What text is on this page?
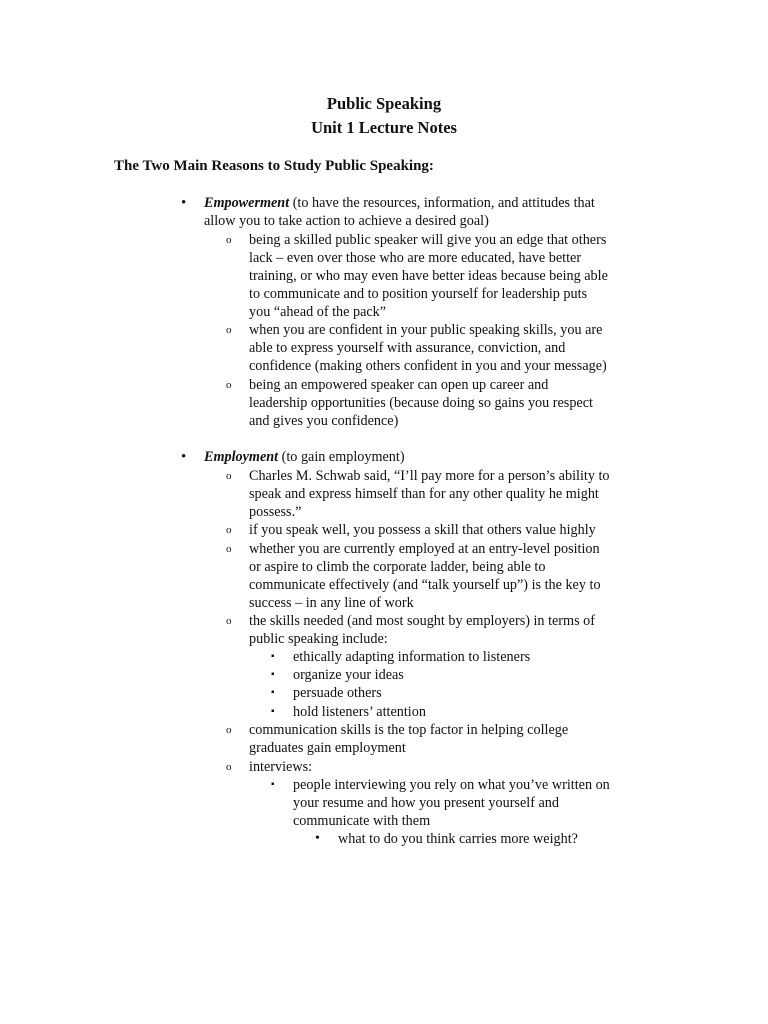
Public Speaking
Unit 1 Lecture Notes
The Two Main Reasons to Study Public Speaking:
• Empowerment (to have the resources, information, and attitudes that
allow you to take action to achieve a desired goal)
o being a skilled public speaker will give you an edge that others
lack – even over those who are more educated, have better
training, or who may even have better ideas because being able
to communicate and to position yourself for leadership puts
you “ahead of the pack”
o when you are confident in your public speaking skills, you are
able to express yourself with assurance, conviction, and
confidence (making others confident in you and your message)
o being an empowered speaker can open up career and
leadership opportunities (because doing so gains you respect
and gives you confidence)
• Employment (to gain employment)
o Charles M. Schwab said, “I’ll pay more for a person’s ability to
speak and express himself than for any other quality he might
possess.”
o if you speak well, you possess a skill that others value highly
o whether you are currently employed at an entry-level position
or aspire to climb the corporate ladder, being able to
communicate effectively (and “talk yourself up”) is the key to
success – in any line of work
o the skills needed (and most sought by employers) in terms of
public speaking include:
▪ ethically adapting information to listeners
▪ organize your ideas
▪ persuade others
▪ hold listeners’ attention
o communication skills is the top factor in helping college
graduates gain employment
o interviews:
▪ people interviewing you rely on what you’ve written on
your resume and how you present yourself and
communicate with them
• what to do you think carries more weight?
